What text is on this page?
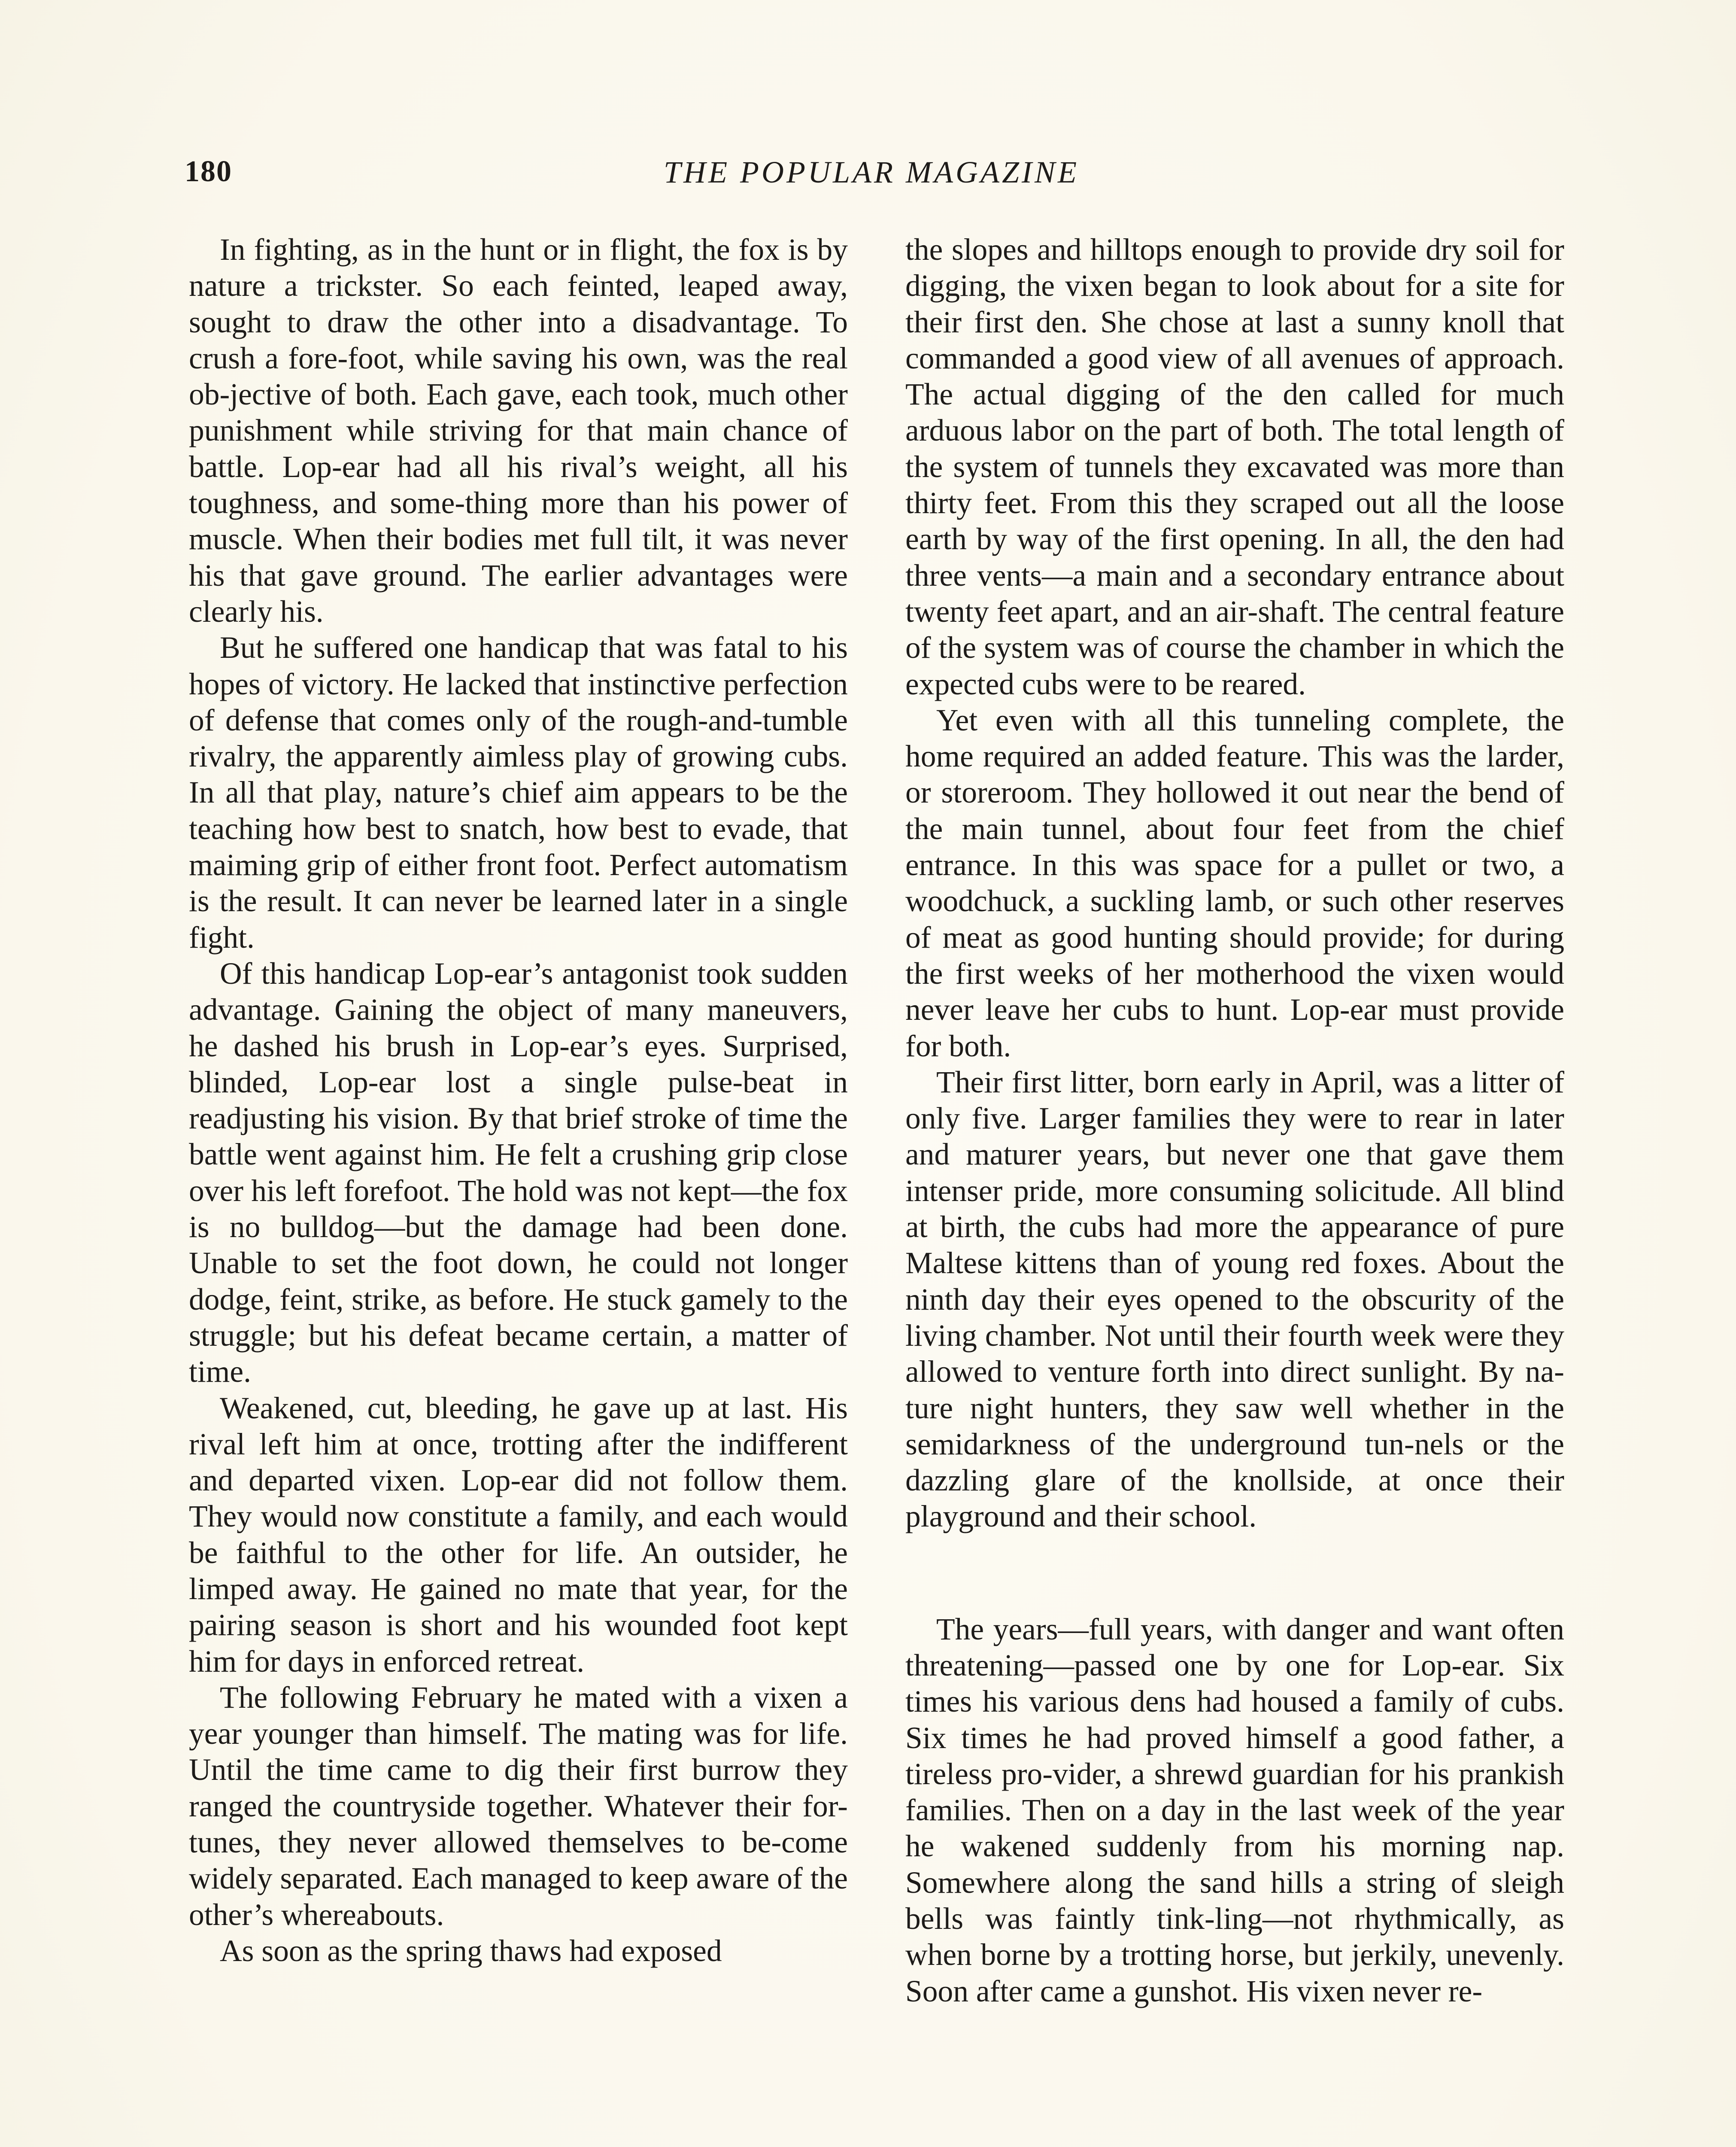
180	THE POPULAR MAGAZINE

In fighting, as in the hunt or in flight, the fox is by nature a trickster. So each feinted, leaped away, sought to draw the other into a disadvantage. To crush a fore-foot, while saving his own, was the real ob-jective of both. Each gave, each took, much other punishment while striving for that main chance of battle. Lop-ear had all his rival’s weight, all his toughness, and some-thing more than his power of muscle. When their bodies met full tilt, it was never his that gave ground. The earlier advantages were clearly his.

But he suffered one handicap that was fatal to his hopes of victory. He lacked that instinctive perfection of defense that comes only of the rough-and-tumble rivalry, the apparently aimless play of growing cubs. In all that play, nature’s chief aim appears to be the teaching how best to snatch, how best to evade, that maiming grip of either front foot. Perfect automatism is the result. It can never be learned later in a single fight.

Of this handicap Lop-ear’s antagonist took sudden advantage. Gaining the object of many maneuvers, he dashed his brush in Lop-ear’s eyes. Surprised, blinded, Lop-ear lost a single pulse-beat in readjusting his vision. By that brief stroke of time the battle went against him. He felt a crushing grip close over his left forefoot. The hold was not kept—the fox is no bulldog—but the damage had been done. Unable to set the foot down, he could not longer dodge, feint, strike, as before. He stuck gamely to the struggle; but his defeat became certain, a matter of time.

Weakened, cut, bleeding, he gave up at last. His rival left him at once, trotting after the indifferent and departed vixen. Lop-ear did not follow them. They would now constitute a family, and each would be faithful to the other for life. An outsider, he limped away. He gained no mate that year, for the pairing season is short and his wounded foot kept him for days in enforced retreat.

The following February he mated with a vixen a year younger than himself. The mating was for life. Until the time came to dig their first burrow they ranged the countryside together. Whatever their for-tunes, they never allowed themselves to be-come widely separated. Each managed to keep aware of the other’s whereabouts.

As soon as the spring thaws had exposed

the slopes and hilltops enough to provide dry soil for digging, the vixen began to look about for a site for their first den. She chose at last a sunny knoll that commanded a good view of all avenues of approach. The actual digging of the den called for much arduous labor on the part of both. The total length of the system of tunnels they excavated was more than thirty feet. From this they scraped out all the loose earth by way of the first opening. In all, the den had three vents—a main and a secondary entrance about twenty feet apart, and an air-shaft. The central feature of the system was of course the chamber in which the expected cubs were to be reared.

Yet even with all this tunneling complete, the home required an added feature. This was the larder, or storeroom. They hollowed it out near the bend of the main tunnel, about four feet from the chief entrance. In this was space for a pullet or two, a woodchuck, a suckling lamb, or such other reserves of meat as good hunting should provide; for during the first weeks of her motherhood the vixen would never leave her cubs to hunt. Lop-ear must provide for both.

Their first litter, born early in April, was a litter of only five. Larger families they were to rear in later and maturer years, but never one that gave them intenser pride, more consuming solicitude. All blind at birth, the cubs had more the appearance of pure Maltese kittens than of young red foxes. About the ninth day their eyes opened to the obscurity of the living chamber. Not until their fourth week were they allowed to venture forth into direct sunlight. By na-ture night hunters, they saw well whether in the semidarkness of the underground tun-nels or the dazzling glare of the knollside, at once their playground and their school.

The years—full years, with danger and want often threatening—passed one by one for Lop-ear. Six times his various dens had housed a family of cubs. Six times he had proved himself a good father, a tireless pro-vider, a shrewd guardian for his prankish families. Then on a day in the last week of the year he wakened suddenly from his morning nap. Somewhere along the sand hills a string of sleigh bells was faintly tink-ling—not rhythmically, as when borne by a trotting horse, but jerkily, unevenly. Soon after came a gunshot. His vixen never re-
